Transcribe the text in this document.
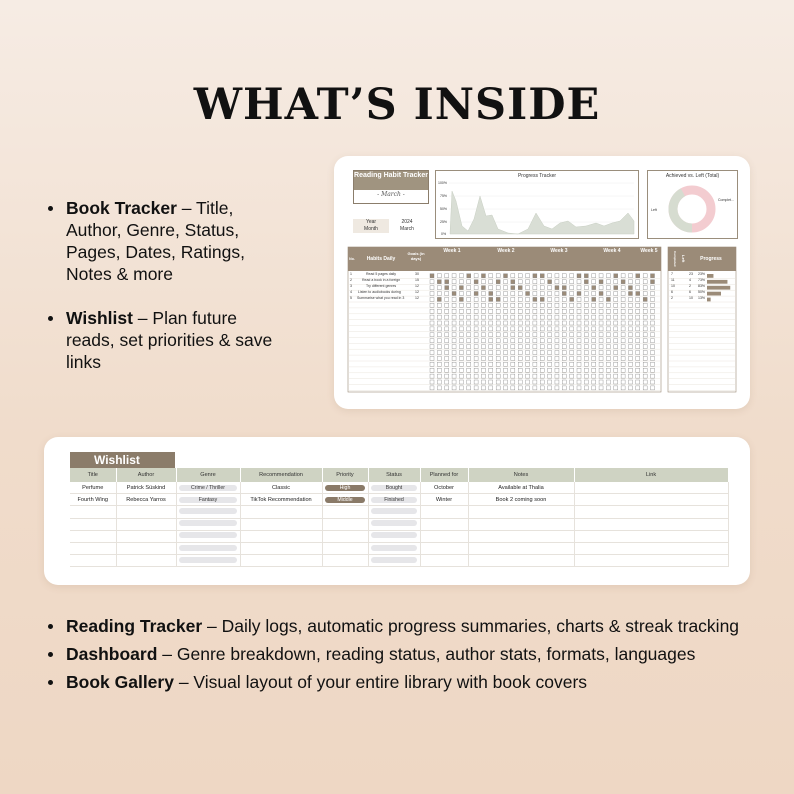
WHAT’S INSIDE
Book Tracker – Title, Author, Genre, Status, Pages, Dates, Ratings, Notes & more
Wishlist – Plan future reads, set priorities & save links
Reading Habit Tracker
- March -
Year	2024
Month	March
Progress Tracker
100%
75%
50%
25%
0%
Achieved vs. Left (Total)
Left
Complet...
No.	Habits Daily
Goals (in days)
Week 1	Week 2	Week 3	Week 4	Week 5
Completed	Left	Progress
1	Read 5 pages daily	30
2	Read a book in a foreign	15
3	Try different genres	12
4 Listen to audiobooks during	12
5 Summarise what you read in 3	12
7	23 23%
11	4 73%
10	2 83%
6	6 50%
2	10 13%
Wishlist
Title	Author	Genre	Recommendation	Priority	Status	Planned for	Notes	Link
Perfume	Patrick Süskind	Crime / Thriller	Classic	High	Bought	October	Available at Thalia	
Fourth Wing	Rebecca Yarros	Fantasy	TikTok Recommendation	Middle	Finished	Winter	Book 2 coming soon	

Reading Tracker – Daily logs, automatic progress summaries, charts & streak tracking
Dashboard – Genre breakdown, reading status, author stats, formats, languages
Book Gallery – Visual layout of your entire library with book covers
